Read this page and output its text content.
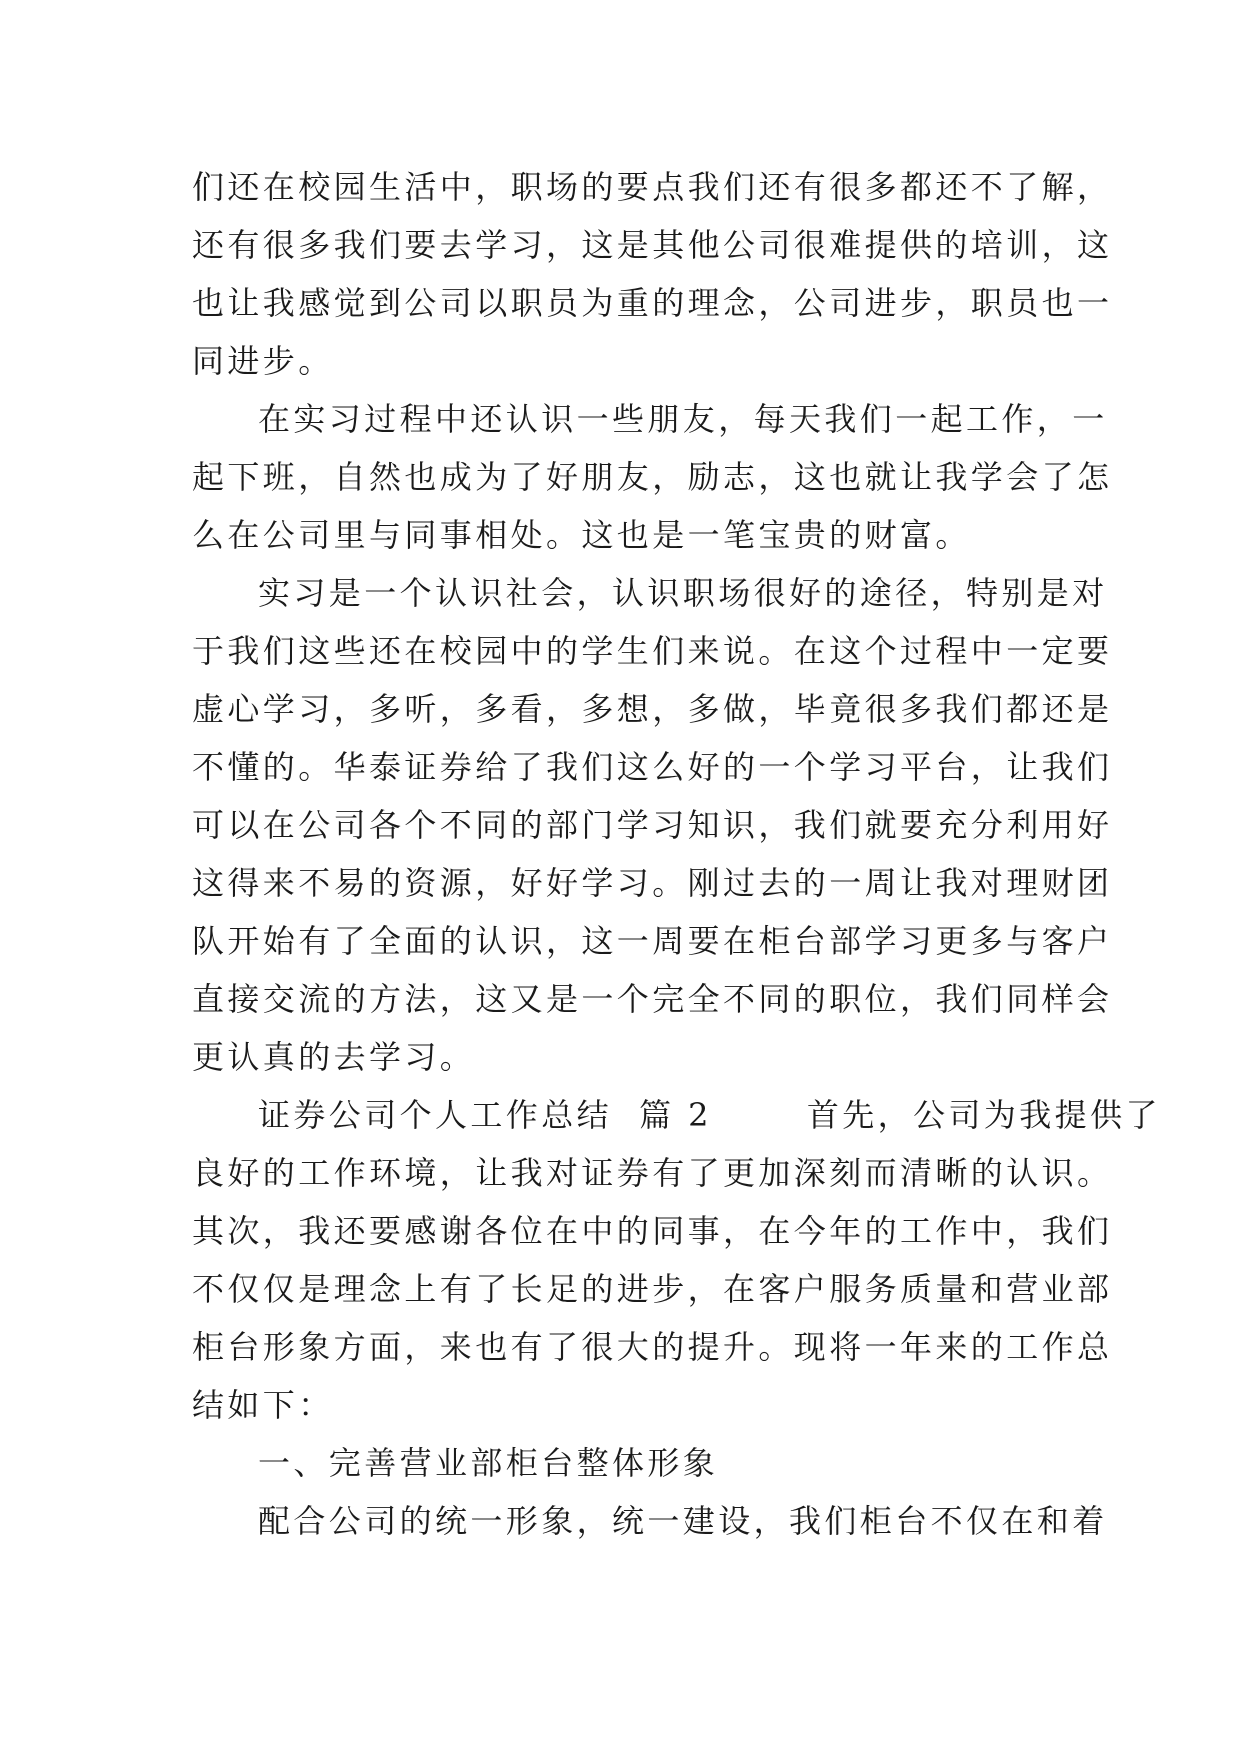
们还在校园生活中，职场的要点我们还有很多都还不了解，
还有很多我们要去学习，这是其他公司很难提供的培训，这
也让我感觉到公司以职员为重的理念，公司进步，职员也一
同进步。
在实习过程中还认识一些朋友，每天我们一起工作，一
起下班，自然也成为了好朋友，励志，这也就让我学会了怎
么在公司里与同事相处。这也是一笔宝贵的财富。
实习是一个认识社会，认识职场很好的途径，特别是对
于我们这些还在校园中的学生们来说。在这个过程中一定要
虚心学习，多听，多看，多想，多做，毕竟很多我们都还是
不懂的。华泰证券给了我们这么好的一个学习平台，让我们
可以在公司各个不同的部门学习知识，我们就要充分利用好
这得来不易的资源，好好学习。刚过去的一周让我对理财团
队开始有了全面的认识，这一周要在柜台部学习更多与客户
直接交流的方法，这又是一个完全不同的职位，我们同样会
更认真的去学习。
证券公司个人工作总结  篇 2       首先，公司为我提供了
良好的工作环境，让我对证券有了更加深刻而清晰的认识。
其次，我还要感谢各位在中的同事，在今年的工作中，我们
不仅仅是理念上有了长足的进步，在客户服务质量和营业部
柜台形象方面，来也有了很大的提升。现将一年来的工作总
结如下：
一、完善营业部柜台整体形象
配合公司的统一形象，统一建设，我们柜台不仅在和着
